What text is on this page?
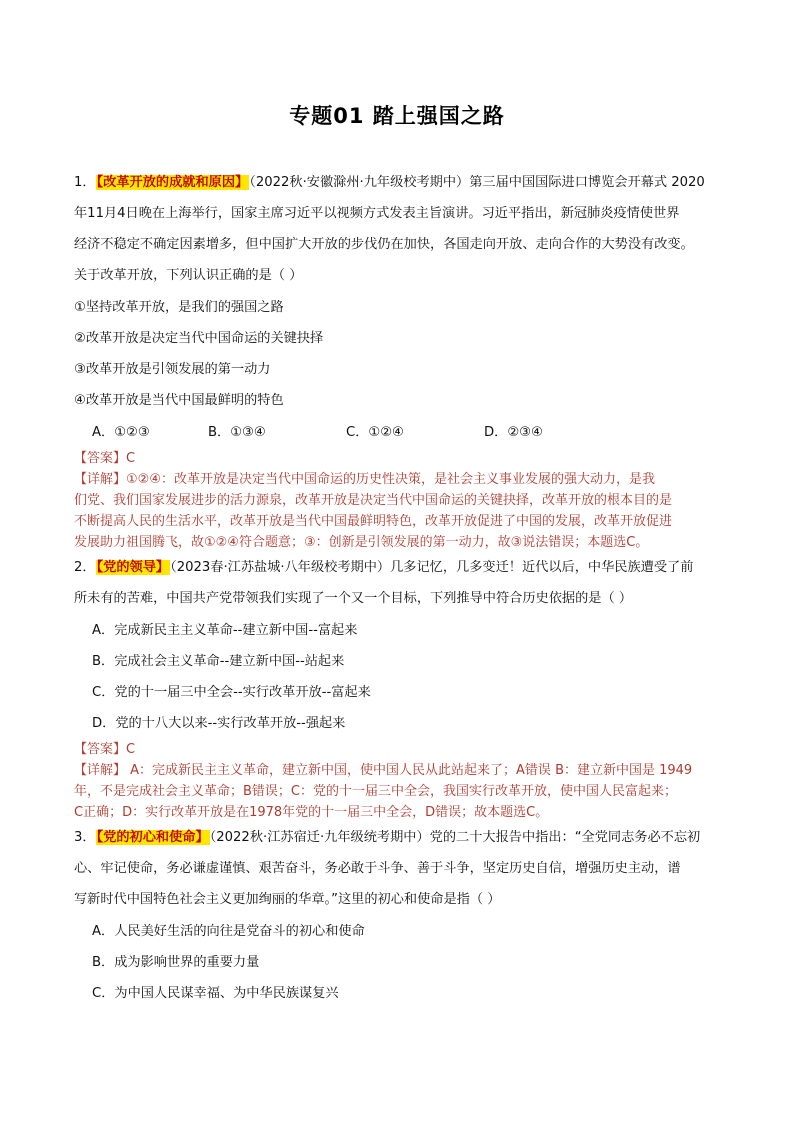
专题01 踏上强国之路
1．【改革开放的成就和原因】（2022秋·安徽滁州·九年级校考期中）第三届中国国际进口博览会开幕式 2020
年11月4日晚在上海举行，国家主席习近平以视频方式发表主旨演讲。习近平指出，新冠肺炎疫情使世界
经济不稳定不确定因素增多，但中国扩大开放的步伐仍在加快，各国走向开放、走向合作的大势没有改变。
关于改革开放，下列认识正确的是（ ）
①坚持改革开放，是我们的强国之路
②改革开放是决定当代中国命运的关键抉择
③改革开放是引领发展的第一动力
④改革开放是当代中国最鲜明的特色
A．①②③	B．①③④	C．①②④	D．②③④
【答案】C
【详解】①②④：改革开放是决定当代中国命运的历史性决策，是社会主义事业发展的强大动力，是我
们党、我们国家发展进步的活力源泉，改革开放是决定当代中国命运的关键抉择，改革开放的根本目的是
不断提高人民的生活水平，改革开放是当代中国最鲜明特色，改革开放促进了中国的发展，改革开放促进
发展助力祖国腾飞，故①②④符合题意；③：创新是引领发展的第一动力，故③说法错误；本题选C。
2．【党的领导】（2023春·江苏盐城·八年级校考期中）几多记忆，几多变迁！近代以后，中华民族遭受了前
所未有的苦难，中国共产党带领我们实现了一个又一个目标，下列推导中符合历史依据的是（ ）
A．完成新民主主义革命--建立新中国--富起来
B．完成社会主义革命--建立新中国--站起来
C．党的十一届三中全会--实行改革开放--富起来
D．党的十八大以来--实行改革开放--强起来
【答案】C
【详解】 A：完成新民主主义革命，建立新中国，使中国人民从此站起来了；A错误 B：建立新中国是 1949
年，不是完成社会主义革命；B错误；C：党的十一届三中全会，我国实行改革开放，使中国人民富起来；
C正确；D：实行改革开放是在1978年党的十一届三中全会，D错误；故本题选C。
3．【党的初心和使命】（2022秋·江苏宿迁·九年级统考期中）党的二十大报告中指出：“全党同志务必不忘初
心、牢记使命，务必谦虚谨慎、艰苦奋斗，务必敢于斗争、善于斗争，坚定历史自信，增强历史主动，谱
写新时代中国特色社会主义更加绚丽的华章。”这里的初心和使命是指（ ）
A．人民美好生活的向往是党奋斗的初心和使命
B．成为影响世界的重要力量
C．为中国人民谋幸福、为中华民族谋复兴
